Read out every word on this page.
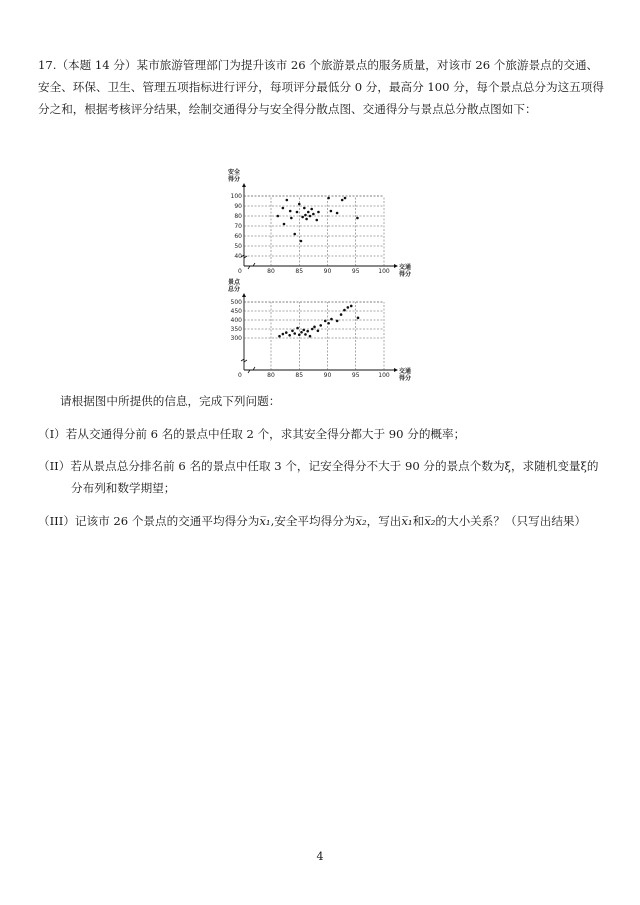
17.（本题 14 分）某市旅游管理部门为提升该市 26 个旅游景点的服务质量，对该市 26 个旅游景点的交通、安全、环保、卫生、管理五项指标进行评分，每项评分最低分 0 分，最高分 100 分，每个景点总分为这五项得分之和，根据考核评分结果，绘制交通得分与安全得分散点图、交通得分与景点总分散点图如下：

安全
得分
0
40
50
60
70
80
90
100
80	85	90	95	100
交通
得分
景点
总分
0
300
350
400
450
500
80	85	90	95	100
交通
得分

请根据图中所提供的信息，完成下列问题：

（I）若从交通得分前 6 名的景点中任取 2 个，求其安全得分都大于 90 分的概率；

（II）若从景点总分排名前 6 名的景点中任取 3 个，记安全得分不大于 90 分的景点个数为ξ，求随机变量ξ的
分布列和数学期望；

（III）记该市 26 个景点的交通平均得分为x̅₁,安全平均得分为x̅₂，写出x̅₁和x̅₂的大小关系？（只写出结果）

4
